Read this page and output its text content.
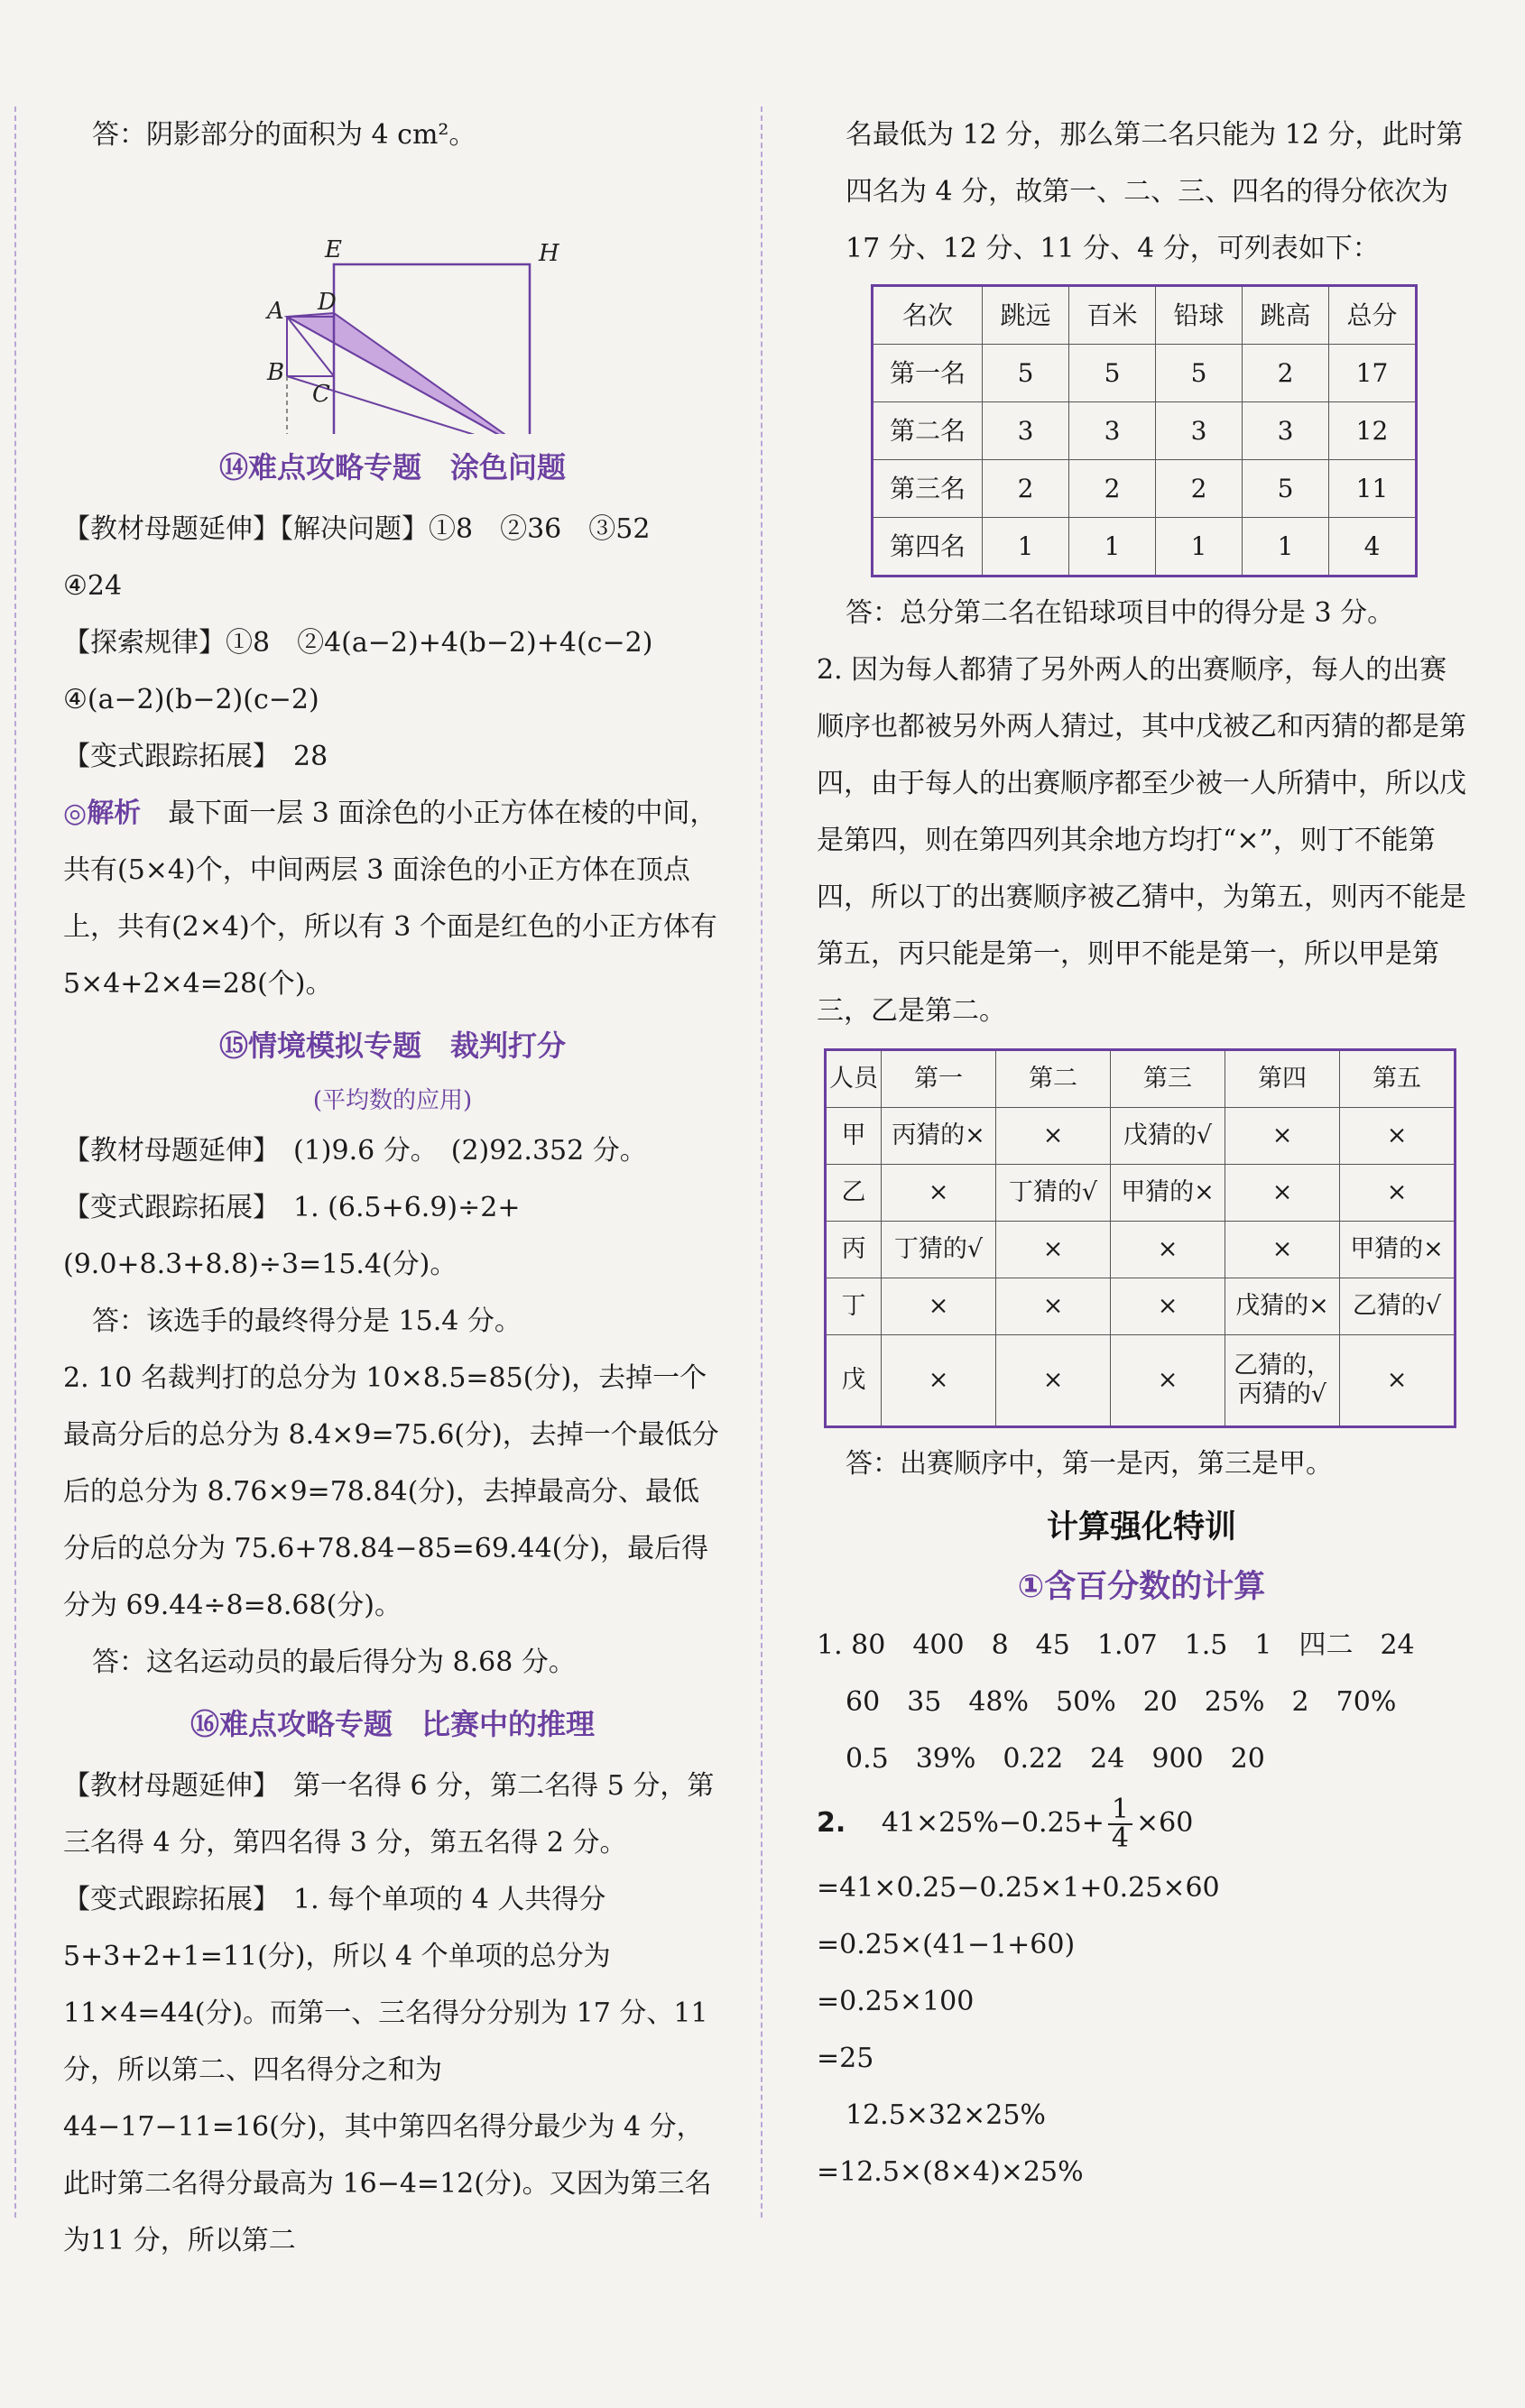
答：阴影部分的面积为 4 cm²。

E	H
A D
B
C
⑭难点攻略专题　涂色问题

【教材母题延伸】【解决问题】①8　②36　③52

④24

【探索规律】①8　②4(a−2)+4(b−2)+4(c−2)

④(a−2)(b−2)(c−2)

【变式跟踪拓展】　28

◎解析　 最下面一层 3 面涂色的小正方体在棱的中间，共有(5×4)个，中间两层 3 面涂色的小正方体在顶点上，共有(2×4)个，所以有 3 个面是红色的小正方体有 5×4+2×4=28(个)。

⑮情境模拟专题　裁判打分
(平均数的应用)

【教材母题延伸】　(1)9.6 分。　(2)92.352 分。

【变式跟踪拓展】　1. (6.5+6.9)÷2+(9.0+8.3+8.8)÷3=15.4(分)。

答：该选手的最终得分是 15.4 分。

2. 10 名裁判打的总分为 10×8.5=85(分)，去掉一个最高分后的总分为 8.4×9=75.6(分)，去掉一个最低分后的总分为 8.76×9=78.84(分)，去掉最高分、最低分后的总分为 75.6+78.84−85=69.44(分)，最后得分为 69.44÷8=8.68(分)。

答：这名运动员的最后得分为 8.68 分。

⑯难点攻略专题　比赛中的推理

【教材母题延伸】　第一名得 6 分，第二名得 5 分，第三名得 4 分，第四名得 3 分，第五名得 2 分。

【变式跟踪拓展】　1. 每个单项的 4 人共得分 5+3+2+1=11(分)，所以 4 个单项的总分为 11×4=44(分)。而第一、三名得分分别为 17 分、11 分，所以第二、四名得分之和为 44−17−11=16(分)，其中第四名得分最少为 4 分，此时第二名得分最高为 16−4=12(分)。又因为第三名为11 分，所以第二

名最低为 12 分，那么第二名只能为 12 分，此时第四名为 4 分，故第一、二、三、四名的得分依次为 17 分、12 分、11 分、4 分，可列表如下：

名次	跳远	百米	铅球	跳高	总分
第一名	5	5	5	2	17
第二名	3	3	3	3	12
第三名	2	2	2	5	11
第四名	1	1	1	1	4

答：总分第二名在铅球项目中的得分是 3 分。

2. 因为每人都猜了另外两人的出赛顺序，每人的出赛顺序也都被另外两人猜过，其中戊被乙和丙猜的都是第四，由于每人的出赛顺序都至少被一人所猜中，所以戊是第四，则在第四列其余地方均打“×”，则丁不能第四，所以丁的出赛顺序被乙猜中，为第五，则丙不能是第五，丙只能是第一，则甲不能是第一，所以甲是第三，乙是第二。

人员	第一	第二	第三	第四	第五
甲	丙猜的×	×	戊猜的√	×	×
乙	×	丁猜的√	甲猜的×	×	×
丙	丁猜的√	×	×	×	甲猜的×
丁	×	×	×	戊猜的×	乙猜的√
戊	×	×	×	乙猜的，丙猜的√	×

答：出赛顺序中，第一是丙，第三是甲。

计算强化特训
①含百分数的计算

1. 80　400　8　45　1.07　1.5　1　四二　24

60　35　48%　50%　20　25%　2　70%

0.5　39%　0.22　24　900　20

2. $41\times 25\%-0.25+ \frac{1}{4} \times 60$

=41×0.25−0.25×1+0.25×60

=0.25×(41−1+60)

=0.25×100

=25

12.5×32×25%

=12.5×(8×4)×25%
